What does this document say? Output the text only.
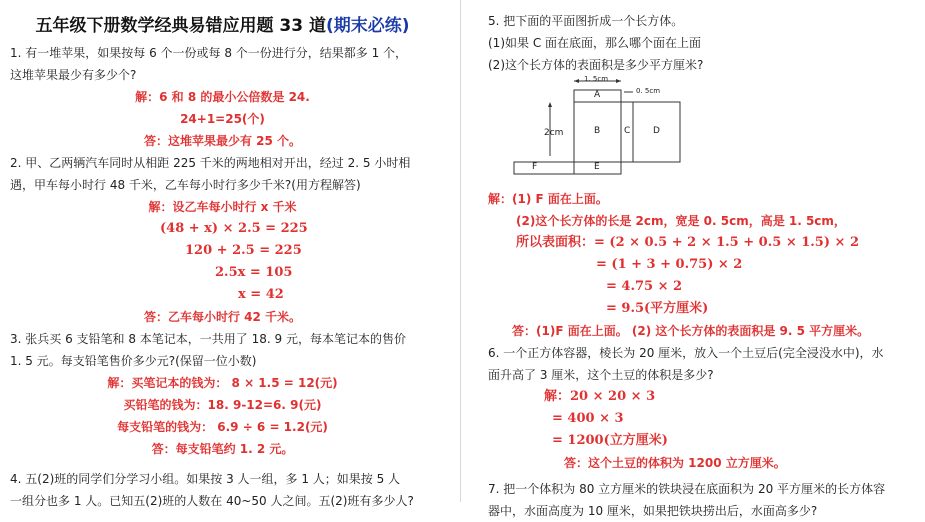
五年级下册数学经典易错应用题 33 道(期末必练)

1. 有一堆苹果，如果按每 6 个一份或每 8 个一份进行分，结果都多 1 个，

这堆苹果最少有多少个?

解：6 和 8 的最小公倍数是 24.

24+1=25(个)

答：这堆苹果最少有 25 个。

2. 甲、乙两辆汽车同时从相距 225 千米的两地相对开出，经过 2. 5 小时相

遇，甲车每小时行 48 千米，乙车每小时行多少千米?(用方程解答)

解：设乙车每小时行 x 千米

(48 + x) × 2.5 = 225

120 + 2.5 = 225

2.5x = 105

x = 42

答：乙车每小时行 42 千米。

3. 张兵买 6 支铅笔和 8 本笔记本，一共用了 18. 9 元，每本笔记本的售价

1. 5 元。每支铅笔售价多少元?(保留一位小数)

解：买笔记本的钱为： 8 × 1.5 = 12(元)

买铅笔的钱为：18. 9-12=6. 9(元)

每支铅笔的钱为： 6.9 ÷ 6 = 1.2(元)

答：每支铅笔约 1. 2 元。

4. 五(2)班的同学们分学习小组。如果按 3 人一组，多 1 人；如果按 5 人

一组分也多 1 人。已知五(2)班的人数在 40~50 人之间。五(2)班有多少人?

5. 把下面的平面图折成一个长方体。

(1)如果 C 面在底面，那么哪个面在上面

(2)这个长方体的表面积是多少平方厘米?

1. 5cm
0. 5cm
2cm
A
B	C	D
E
F

解：(1) F 面在上面。

(2)这个长方体的长是 2cm，宽是 0. 5cm，高是 1. 5cm，

所以表面积：= (2 × 0.5 + 2 × 1.5 + 0.5 × 1.5) × 2

= (1 + 3 + 0.75) × 2

= 4.75 × 2

= 9.5(平方厘米)

答：(1)F 面在上面。 (2) 这个长方体的表面积是 9. 5 平方厘米。

6. 一个正方体容器，棱长为 20 厘米，放入一个土豆后(完全浸没水中)，水

面升高了 3 厘米，这个土豆的体积是多少?

解：20 × 20 × 3

= 400 × 3

= 1200(立方厘米)

答：这个土豆的体积为 1200 立方厘米。

7. 把一个体积为 80 立方厘米的铁块浸在底面积为 20 平方厘米的长方体容

器中，水面高度为 10 厘米，如果把铁块捞出后，水面高多少?
